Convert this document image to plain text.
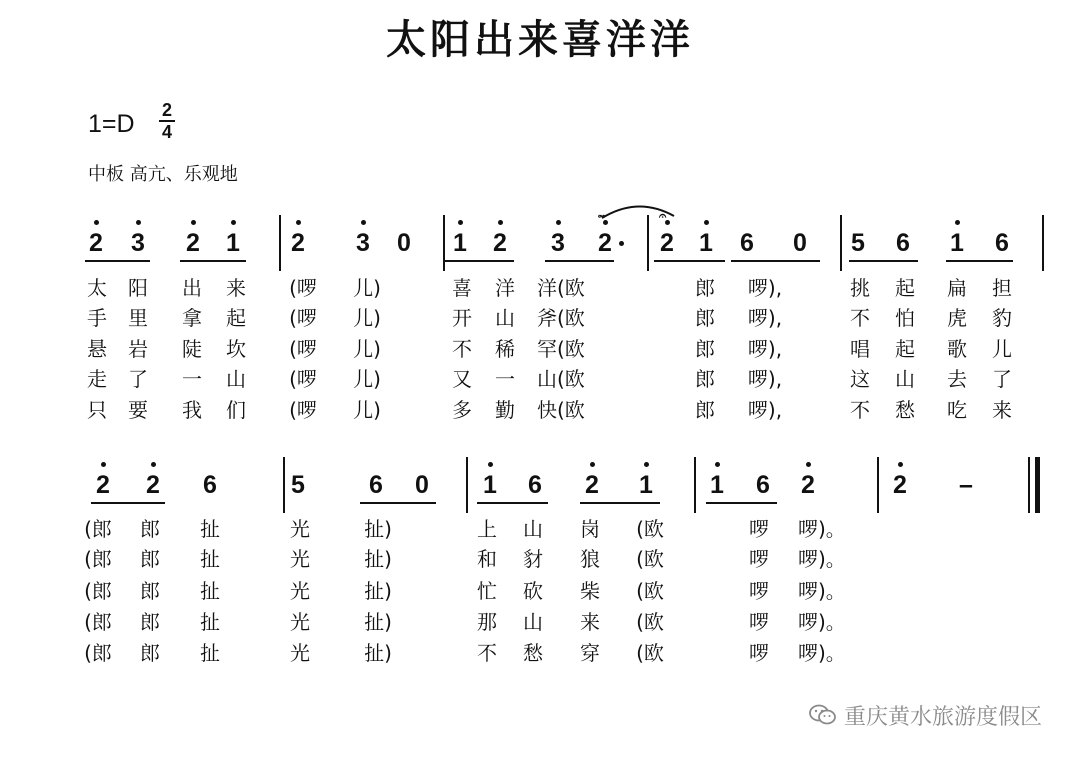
太阳出来喜洋洋
1=D 2
4
中板 高亢、乐观地
2 3 2 1 2 3 0 1 2 3 2 2 1 6 0 5 6 1 6
太	阳	出	来	(啰 儿)	喜	洋	洋(欧	郎	啰),	挑	起	扁	担
手	里	拿	起	(啰 儿)	开	山	斧(欧	郎	啰),	不	怕	虎	豹
悬	岩	陡	坎	(啰 儿)	不	稀	罕(欧	郎	啰),	唱	起	歌	儿
走	了	一	山	(啰 儿)	又	一	山(欧	郎	啰),	这	山	去	了
只	要	我	们	(啰 儿)	多	勤	快(欧	郎	啰),	不	愁	吃	来
2 2 6	5	6 0 1 6 2 1 1 6 2	2
(郎	郎	扯	光	扯)	上	山	岗	(欧	啰	啰)。
(郎	郎	扯	光	扯)	和	豺	狼	(欧	啰	啰)。
(郎	郎	扯	光	扯)	忙	砍	柴	(欧	啰	啰)。
(郎	郎	扯	光	扯)	那	山	来	(欧	啰	啰)。
(郎	郎	扯	光	扯)	不	愁	穿	(欧	啰	啰)。
𝆗	𝄐
–
重庆黄水旅游度假区
